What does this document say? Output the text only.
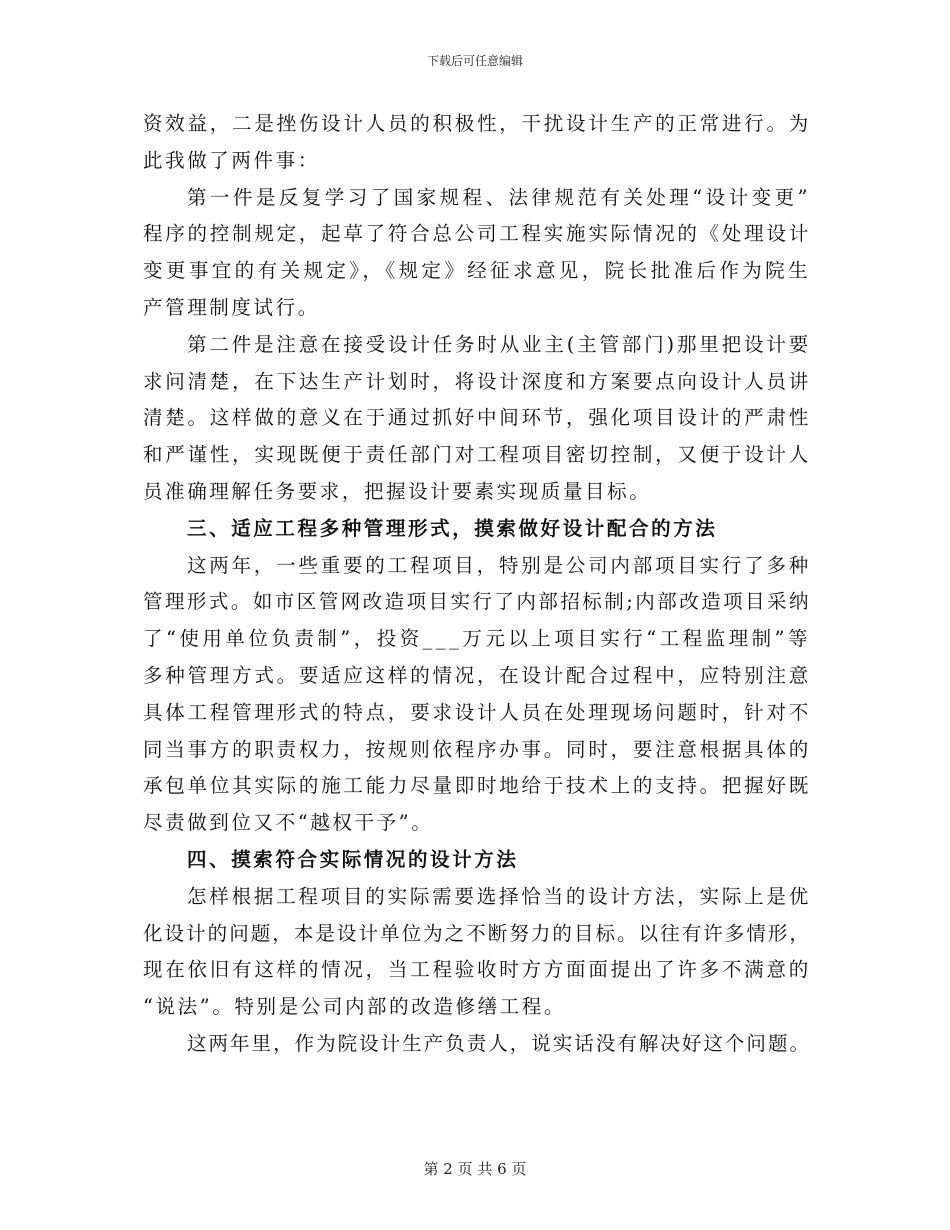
下载后可任意编辑
资效益，二是挫伤设计人员的积极性，干扰设计生产的正常进行。为
此我做了两件事：
第一件是反复学习了国家规程、法律规范有关处理“设计变更”
程序的控制规定，起草了符合总公司工程实施实际情况的《处理设计
变更事宜的有关规定》，《规定》经征求意见，院长批准后作为院生
产管理制度试行。
第二件是注意在接受设计任务时从业主(主管部门)那里把设计要
求问清楚，在下达生产计划时，将设计深度和方案要点向设计人员讲
清楚。这样做的意义在于通过抓好中间环节，强化项目设计的严肃性
和严谨性，实现既便于责任部门对工程项目密切控制，又便于设计人
员准确理解任务要求，把握设计要素实现质量目标。
三、适应工程多种管理形式，摸索做好设计配合的方法
这两年，一些重要的工程项目，特别是公司内部项目实行了多种
管理形式。如市区管网改造项目实行了内部招标制;内部改造项目采纳
了“使用单位负责制”，投资___万元以上项目实行“工程监理制”等
多种管理方式。要适应这样的情况，在设计配合过程中，应特别注意
具体工程管理形式的特点，要求设计人员在处理现场问题时，针对不
同当事方的职责权力，按规则依程序办事。同时，要注意根据具体的
承包单位其实际的施工能力尽量即时地给于技术上的支持。把握好既
尽责做到位又不“越权干予”。
四、摸索符合实际情况的设计方法
怎样根据工程项目的实际需要选择恰当的设计方法，实际上是优
化设计的问题，本是设计单位为之不断努力的目标。以往有许多情形，
现在依旧有这样的情况，当工程验收时方方面面提出了许多不满意的
“说法”。特别是公司内部的改造修缮工程。
这两年里，作为院设计生产负责人，说实话没有解决好这个问题。
第 2 页 共 6 页
